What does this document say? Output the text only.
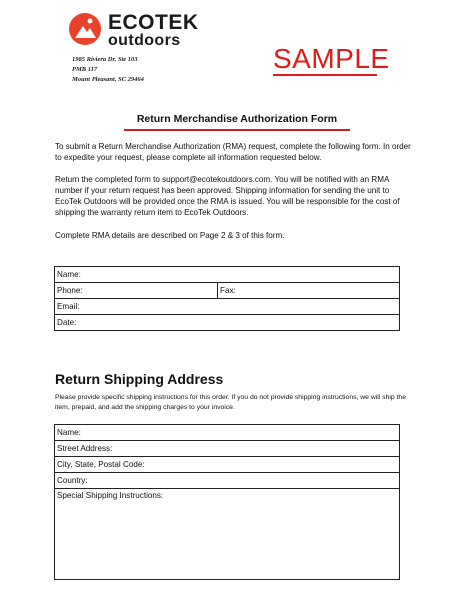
ECOTEK
outdoors
1985 Riviera Dr, Ste 103
PMB 117
Mount Pleasant, SC 29464
SAMPLE
Return Merchandise Authorization Form
To submit a Return Merchandise Authorization (RMA) request, complete the following form. In order to expedite your request, please complete all information requested below.
Return the completed form to support@ecotekoutdoors.com. You will be notified with an RMA number if your return request has been approved. Shipping information for sending the unit to EcoTek Outdoors will be provided once the RMA is issued. You will be responsible for the cost of shipping the warranty return item to EcoTek Outdoors.
Complete RMA details are described on Page 2 & 3 of this form.
Name:
Phone:	Fax:
Email:
Date:
Return Shipping Address
Please provide specific shipping instructions for this order. If you do not provide shipping instructions, we will ship the item, prepaid, and add the shipping charges to your invoice.
Name:
Street Address:
City, State, Postal Code:
Country:
Special Shipping Instructions:
